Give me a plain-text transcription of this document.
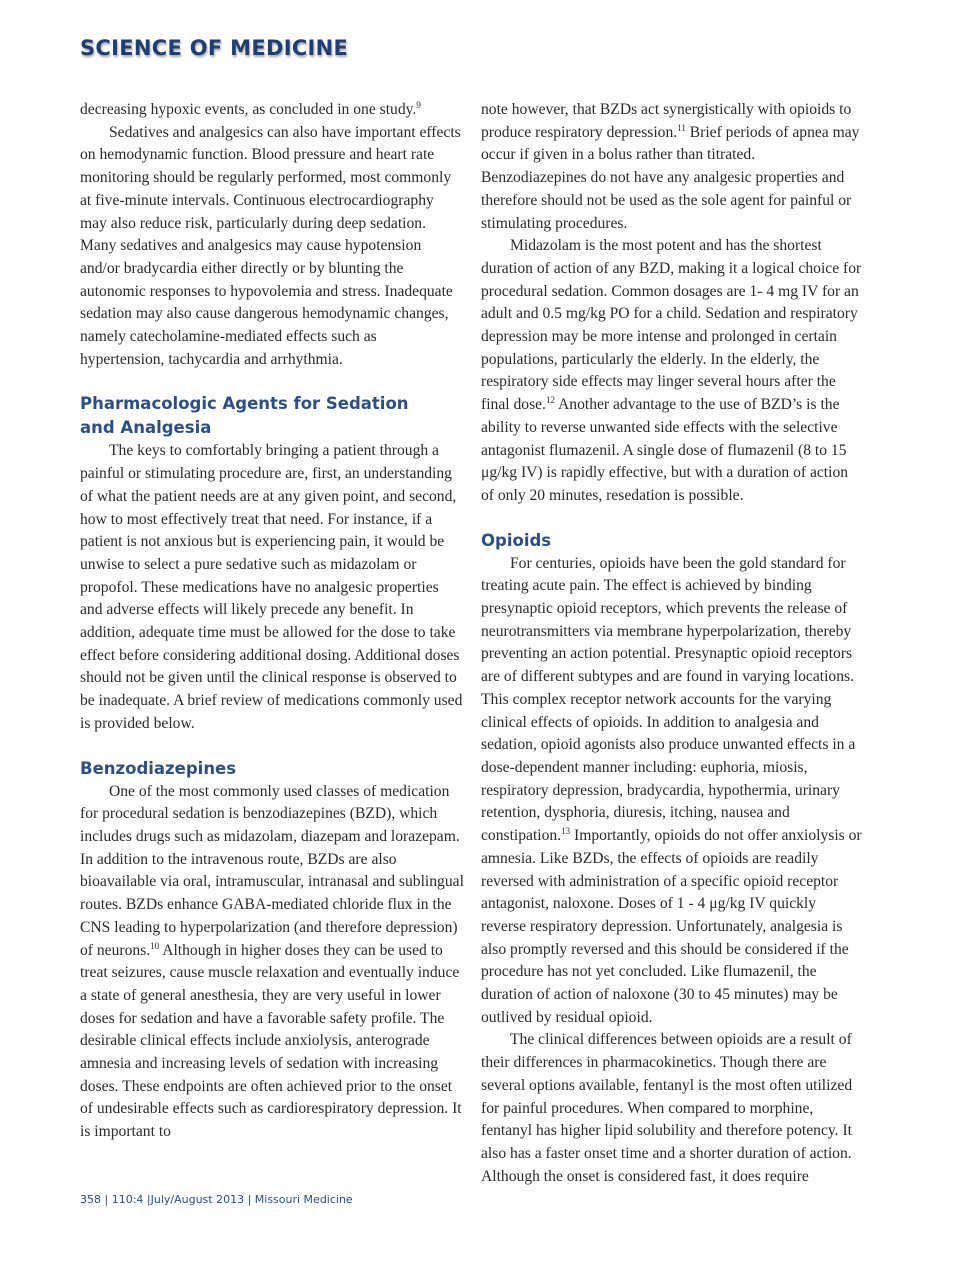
SCIENCE OF MEDICINE

decreasing hypoxic events, as concluded in one study.$^9$

Sedatives and analgesics can also have important effects on hemodynamic function. Blood pressure and heart rate monitoring should be regularly performed, most commonly at five-minute intervals. Continuous electrocardiography may also reduce risk, particularly during deep sedation. Many sedatives and analgesics may cause hypotension and/or bradycardia either directly or by blunting the autonomic responses to hypovolemia and stress. Inadequate sedation may also cause dangerous hemodynamic changes, namely catecholamine-mediated effects such as hypertension, tachycardia and arrhythmia.

Pharmacologic Agents for Sedation
and Analgesia

The keys to comfortably bringing a patient through a painful or stimulating procedure are, first, an understanding of what the patient needs are at any given point, and second, how to most effectively treat that need. For instance, if a patient is not anxious but is experiencing pain, it would be unwise to select a pure sedative such as midazolam or propofol. These medications have no analgesic properties and adverse effects will likely precede any benefit. In addition, adequate time must be allowed for the dose to take effect before considering additional dosing. Additional doses should not be given until the clinical response is observed to be inadequate. A brief review of medications commonly used is provided below.

Benzodiazepines

One of the most commonly used classes of medication for procedural sedation is benzodiazepines (BZD), which includes drugs such as midazolam, diazepam and lorazepam. In addition to the intravenous route, BZDs are also bioavailable via oral, intramuscular, intranasal and sublingual routes. BZDs enhance GABA-mediated chloride flux in the CNS leading to hyperpolarization (and therefore depression) of neurons.$^{10}$ Although in higher doses they can be used to treat seizures, cause muscle relaxation and eventually induce a state of general anesthesia, they are very useful in lower doses for sedation and have a favorable safety profile. The desirable clinical effects include anxiolysis, anterograde amnesia and increasing levels of sedation with increasing doses. These endpoints are often achieved prior to the onset of undesirable effects such as cardiorespiratory depression. It is important to

note however, that BZDs act synergistically with opioids to produce respiratory depression.$^{11}$ Brief periods of apnea may occur if given in a bolus rather than titrated. Benzodiazepines do not have any analgesic properties and therefore should not be used as the sole agent for painful or stimulating procedures.

Midazolam is the most potent and has the shortest duration of action of any BZD, making it a logical choice for procedural sedation. Common dosages are 1- 4 mg IV for an adult and 0.5 mg/kg PO for a child. Sedation and respiratory depression may be more intense and prolonged in certain populations, particularly the elderly. In the elderly, the respiratory side effects may linger several hours after the final dose.$^{12}$ Another advantage to the use of BZD’s is the ability to reverse unwanted side effects with the selective antagonist flumazenil. A single dose of flumazenil (8 to 15 μg/kg IV) is rapidly effective, but with a duration of action of only 20 minutes, resedation is possible.

Opioids

For centuries, opioids have been the gold standard for treating acute pain. The effect is achieved by binding presynaptic opioid receptors, which prevents the release of neurotransmitters via membrane hyperpolarization, thereby preventing an action potential. Presynaptic opioid receptors are of different subtypes and are found in varying locations. This complex receptor network accounts for the varying clinical effects of opioids. In addition to analgesia and sedation, opioid agonists also produce unwanted effects in a dose-dependent manner including: euphoria, miosis, respiratory depression, bradycardia, hypothermia, urinary retention, dysphoria, diuresis, itching, nausea and constipation.$^{13}$ Importantly, opioids do not offer anxiolysis or amnesia. Like BZDs, the effects of opioids are readily reversed with administration of a specific opioid receptor antagonist, naloxone. Doses of 1 - 4 μg/kg IV quickly reverse respiratory depression. Unfortunately, analgesia is also promptly reversed and this should be considered if the procedure has not yet concluded. Like flumazenil, the duration of action of naloxone (30 to 45 minutes) may be outlived by residual opioid.

The clinical differences between opioids are a result of their differences in pharmacokinetics. Though there are several options available, fentanyl is the most often utilized for painful procedures. When compared to morphine, fentanyl has higher lipid solubility and therefore potency. It also has a faster onset time and a shorter duration of action. Although the onset is considered fast, it does require

358 | 110:4 |July/August 2013 | Missouri Medicine
